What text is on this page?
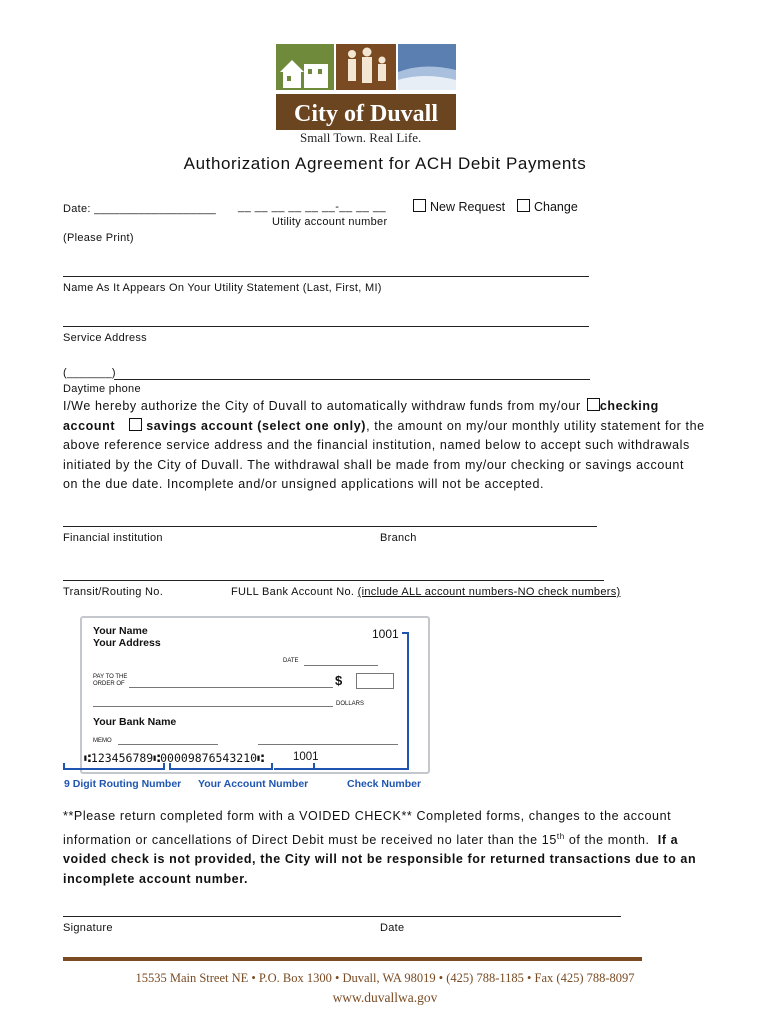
City of Duvall
Small Town. Real Life.
Authorization Agreement for ACH Debit Payments
Date: ___________________ __ __ __ __ __ __-__ __ __
Utility account number
New Request	Change
(Please Print)
Name As It Appears On Your Utility Statement (Last, First, MI)
Service Address
(_______)
Daytime phone
I/We hereby authorize the City of Duvall to automatically withdraw funds from my/our checking
account savings account (select one only), the amount on my/our monthly utility statement for the
above reference service address and the financial institution, named below to accept such withdrawals
initiated by the City of Duvall. The withdrawal shall be made from my/our checking or savings account
on the due date. Incomplete and/or unsigned applications will not be accepted.
Financial institution	Branch
Transit/Routing No.	FULL Bank Account No. (include ALL account numbers-NO check numbers)
Your Name
Your Address
1001
DATE
PAY TO THE
ORDER OF	$
DOLLARS
Your Bank Name
MEMO
⑆123456789⑆00009876543210⑆	1001
9 Digit Routing Number Your Account Number	Check Number
**Please return completed form with a VOIDED CHECK** Completed forms, changes to the account
information or cancellations of Direct Debit must be received no later than the 15th of the month. If a
voided check is not provided, the City will not be responsible for returned transactions due to an
incomplete account number.
Signature	Date
15535 Main Street NE • P.O. Box 1300 • Duvall, WA 98019 • (425) 788-1185 • Fax (425) 788-8097
www.duvallwa.gov
